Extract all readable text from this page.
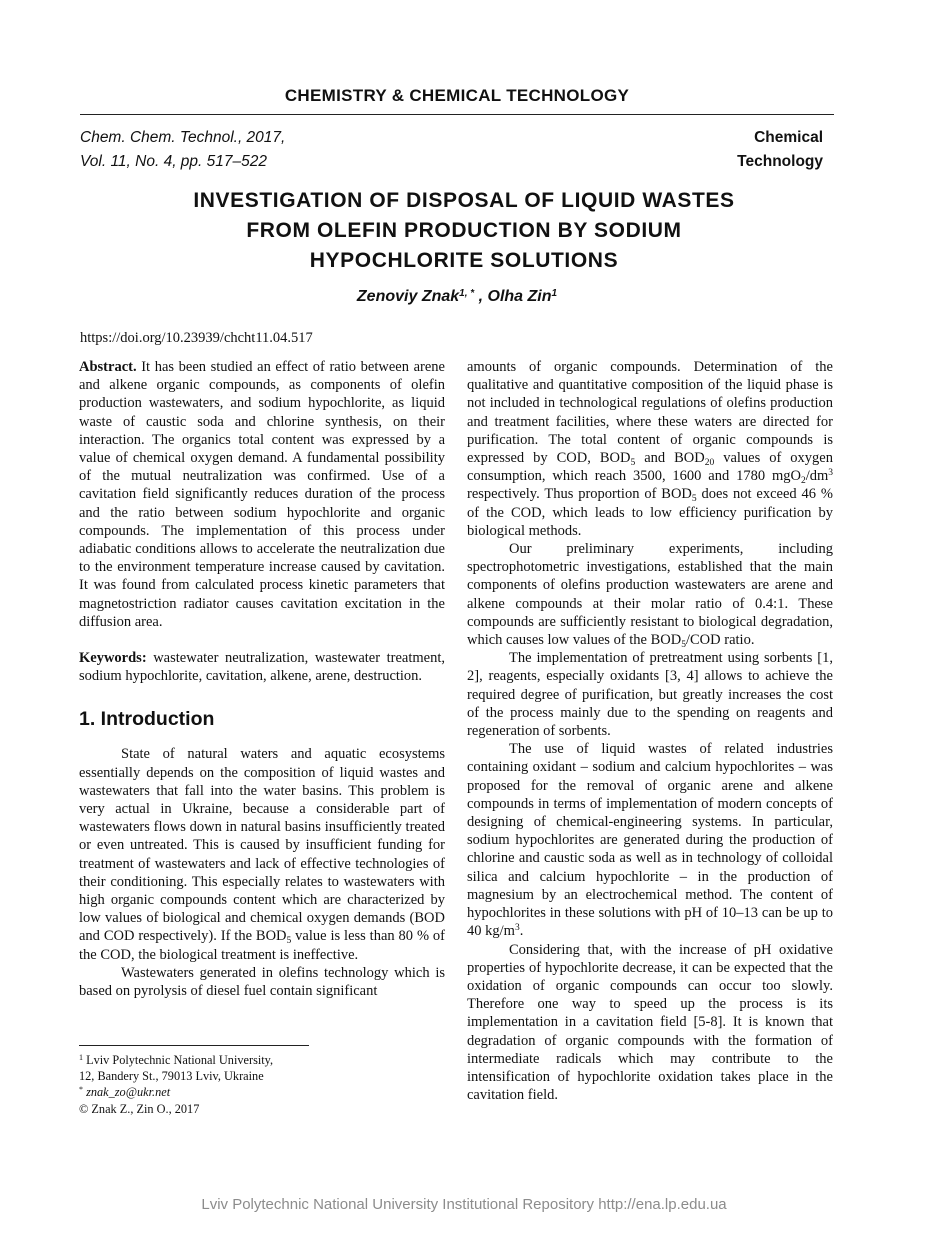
CHEMISTRY & CHEMICAL TECHNOLOGY
Chem. Chem. Technol., 2017,
Vol. 11, No. 4, pp. 517–522
Chemical
Technology
INVESTIGATION OF DISPOSAL OF LIQUID WASTES
FROM OLEFIN PRODUCTION BY SODIUM
HYPOCHLORITE SOLUTIONS
Zenoviy Znak$^{1, *}$ , Olha Zin$^1$
https://doi.org/10.23939/chcht11.04.517

Abstract. It has been studied an effect of ratio between arene and alkene organic compounds, as components of olefin production wastewaters, and sodium hypochlorite, as liquid waste of caustic soda and chlorine synthesis, on their interaction. The organics total content was expressed by a value of chemical oxygen demand. A fundamental possibility of the mutual neutralization was confirmed. Use of a cavitation field significantly reduces duration of the process and the ratio between sodium hypochlorite and organic compounds. The implementation of this process under adiabatic conditions allows to accelerate the neutralization due to the environment temperature increase caused by cavitation. It was found from calculated process kinetic parameters that magnetostriction radiator causes cavitation excitation in the diffusion area.

Keywords: wastewater neutralization, wastewater treatment, sodium hypochlorite, cavitation, alkene, arene, destruction.

1. Introduction

State of natural waters and aquatic ecosystems essentially depends on the composition of liquid wastes and wastewaters that fall into the water basins. This problem is very actual in Ukraine, because a considerable part of wastewaters flows down in natural basins insufficiently treated or even untreated. This is caused by insufficient funding for treatment of wastewaters and lack of effective technologies of their conditioning. This especially relates to wastewaters with high organic compounds content which are characterized by low values of biological and chemical oxygen demands (BOD and COD respectively). If the $BOD_5$ value is less than 80 % of the COD, the biological treatment is ineffective.

Wastewaters generated in olefins technology which is based on pyrolysis of diesel fuel contain significant

amounts of organic compounds. Determination of the qualitative and quantitative composition of the liquid phase is not included in technological regulations of olefins production and treatment facilities, where these waters are directed for purification. The total content of organic compounds is expressed by COD, $BOD_5$ and $BOD_{20}$ values of oxygen consumption, which reach 3500, 1600 and 1780 $mgO_2/dm^3$ respectively. Thus proportion of $BOD_5$ does not exceed 46 % of the COD, which leads to low efficiency purification by biological methods.

Our preliminary experiments, including spectrophotometric investigations, established that the main components of olefins production wastewaters are arene and alkene compounds at their molar ratio of 0.4:1. These compounds are sufficiently resistant to biological degradation, which causes low values of the $BOD_5$/COD ratio.

The implementation of pretreatment using sorbents [1, 2], reagents, especially oxidants [3, 4] allows to achieve the required degree of purification, but greatly increases the cost of the process mainly due to the spending on reagents and regeneration of sorbents.

The use of liquid wastes of related industries containing oxidant – sodium and calcium hypochlorites – was proposed for the removal of organic arene and alkene compounds in terms of implementation of modern concepts of designing of chemical-engineering systems. In particular, sodium hypochlorites are generated during the production of chlorine and caustic soda as well as in technology of colloidal silica and calcium hypochlorite – in the production of magnesium by an electrochemical method. The content of hypochlorites in these solutions with pH of 10–13 can be up to 40 $kg/m^3$.

Considering that, with the increase of pH oxidative properties of hypochlorite decrease, it can be expected that the oxidation of organic compounds can occur too slowly. Therefore one way to speed up the process is its implementation in a cavitation field [5-8]. It is known that degradation of organic compounds with the formation of intermediate radicals which may contribute to the intensification of hypochlorite oxidation takes place in the cavitation field.

$^1$ Lviv Polytechnic National University,
12, Bandery St., 79013 Lviv, Ukraine
* znak_zo@ukr.net
© Znak Z., Zin O., 2017
Lviv Polytechnic National University Institutional Repository http://ena.lp.edu.ua
